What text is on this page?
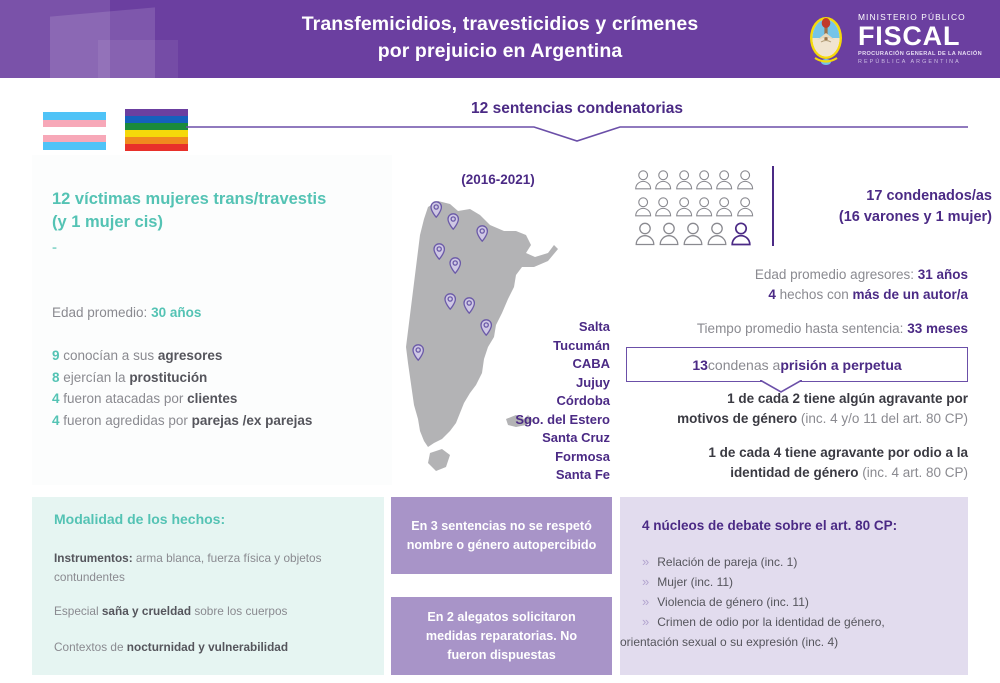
Transfemicidios, travesticidios y crímenes
por prejuicio en Argentina
MINISTERIO PÚBLICO
FISCAL
PROCURACIÓN GENERAL DE LA NACIÓN
REPÚBLICA ARGENTINA
12 sentencias condenatorias
12 víctimas mujeres trans/travestis
(y 1 mujer cis)
-
Edad promedio: 30 años
9 conocían a sus agresores
8 ejercían la prostitución
4 fueron atacadas por clientes
4 fueron agredidas por parejas /ex parejas
(2016-2021)
Salta
Tucumán
CABA
Jujuy
Córdoba
Sgo. del Estero
Santa Cruz
Formosa
Santa Fe
17 condenados/as
(16 varones y 1 mujer)
Edad promedio agresores: 31 años
4 hechos con más de un autor/a
Tiempo promedio hasta sentencia: 33 meses
13 condenas a prisión a perpetua
1 de cada 2 tiene algún agravante por
motivos de género (inc. 4 y/o 11 del art. 80 CP)
1 de cada 4 tiene agravante por odio a la
identidad de género (inc. 4 art. 80 CP)
Modalidad de los hechos:
Instrumentos: arma blanca, fuerza física y objetos contundentes
Especial saña y crueldad sobre los cuerpos
Contextos de nocturnidad y vulnerabilidad
En 3 sentencias no se respetó nombre o género autopercibido
En 2 alegatos solicitaron medidas reparatorias. No fueron dispuestas
4 núcleos de debate sobre el art. 80 CP:
» Relación de pareja (inc. 1)
» Mujer (inc. 11)
» Violencia de género (inc. 11)
» Crimen de odio por la identidad de género,
orientación sexual o su expresión (inc. 4)
